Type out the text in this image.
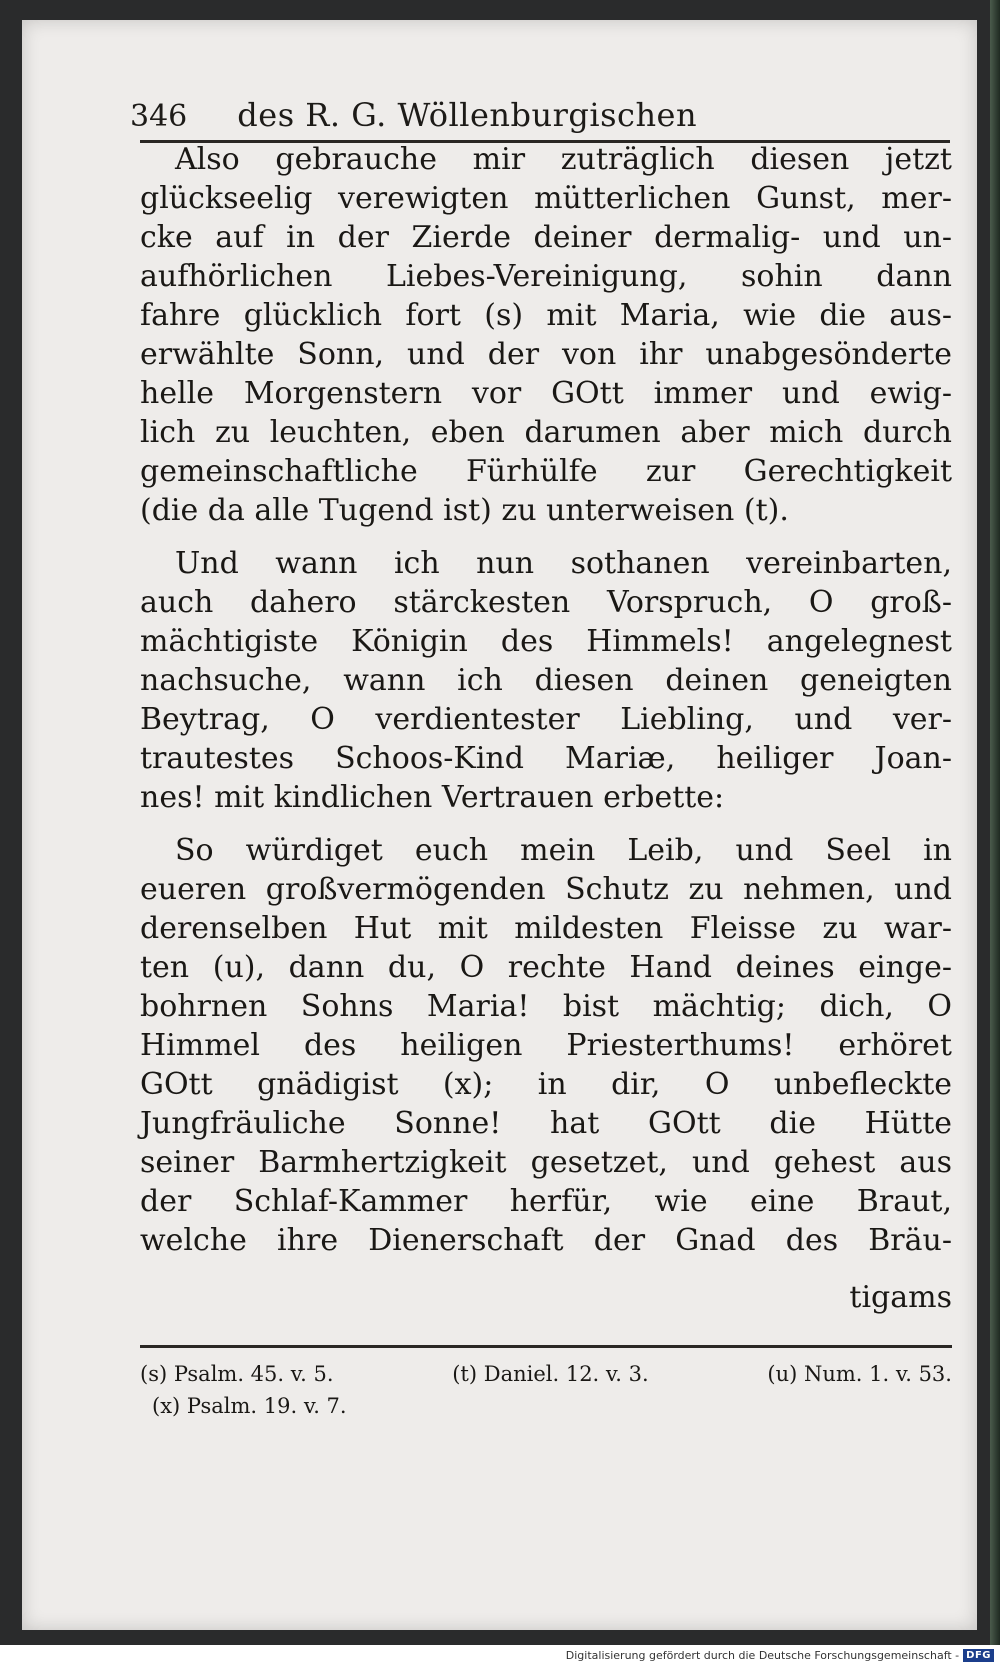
346 des R. G. Wöllenburgischen

Also gebrauche mir zuträglich diesen jetzt
glückseelig verewigten mütterlichen Gunst, mer-
cke auf in der Zierde deiner dermalig- und un-
aufhörlichen Liebes-Vereinigung, sohin dann
fahre glücklich fort (s) mit Maria, wie die aus-
erwählte Sonn, und der von ihr unabgesönderte
helle Morgenstern vor GOtt immer und ewig-
lich zu leuchten, eben darumen aber mich durch
gemeinschaftliche Fürhülfe zur Gerechtigkeit
(die da alle Tugend ist) zu unterweisen (t).

Und wann ich nun sothanen vereinbarten,
auch dahero stärckesten Vorspruch, O groß-
mächtigiste Königin des Himmels! angelegnest
nachsuche, wann ich diesen deinen geneigten
Beytrag, O verdientester Liebling, und ver-
trautestes Schoos-Kind Mariæ, heiliger Joan-
nes! mit kindlichen Vertrauen erbette:

So würdiget euch mein Leib, und Seel in
eueren großvermögenden Schutz zu nehmen, und
derenselben Hut mit mildesten Fleisse zu war-
ten (u), dann du, O rechte Hand deines einge-
bohrnen Sohns Maria! bist mächtig; dich, O
Himmel des heiligen Priesterthums! erhöret
GOtt gnädigist (x); in dir, O unbefleckte
Jungfräuliche Sonne! hat GOtt die Hütte
seiner Barmhertzigkeit gesetzet, und gehest aus
der Schlaf-Kammer herfür, wie eine Braut,
welche ihre Dienerschaft der Gnad des Bräu-

tigams
(s) Psalm. 45. v. 5.	(t) Daniel. 12. v. 3.	(u) Num. 1. v. 53.
(x) Psalm. 19. v. 7.
Digitalisierung gefördert durch die Deutsche Forschungsgemeinschaft - DFG
